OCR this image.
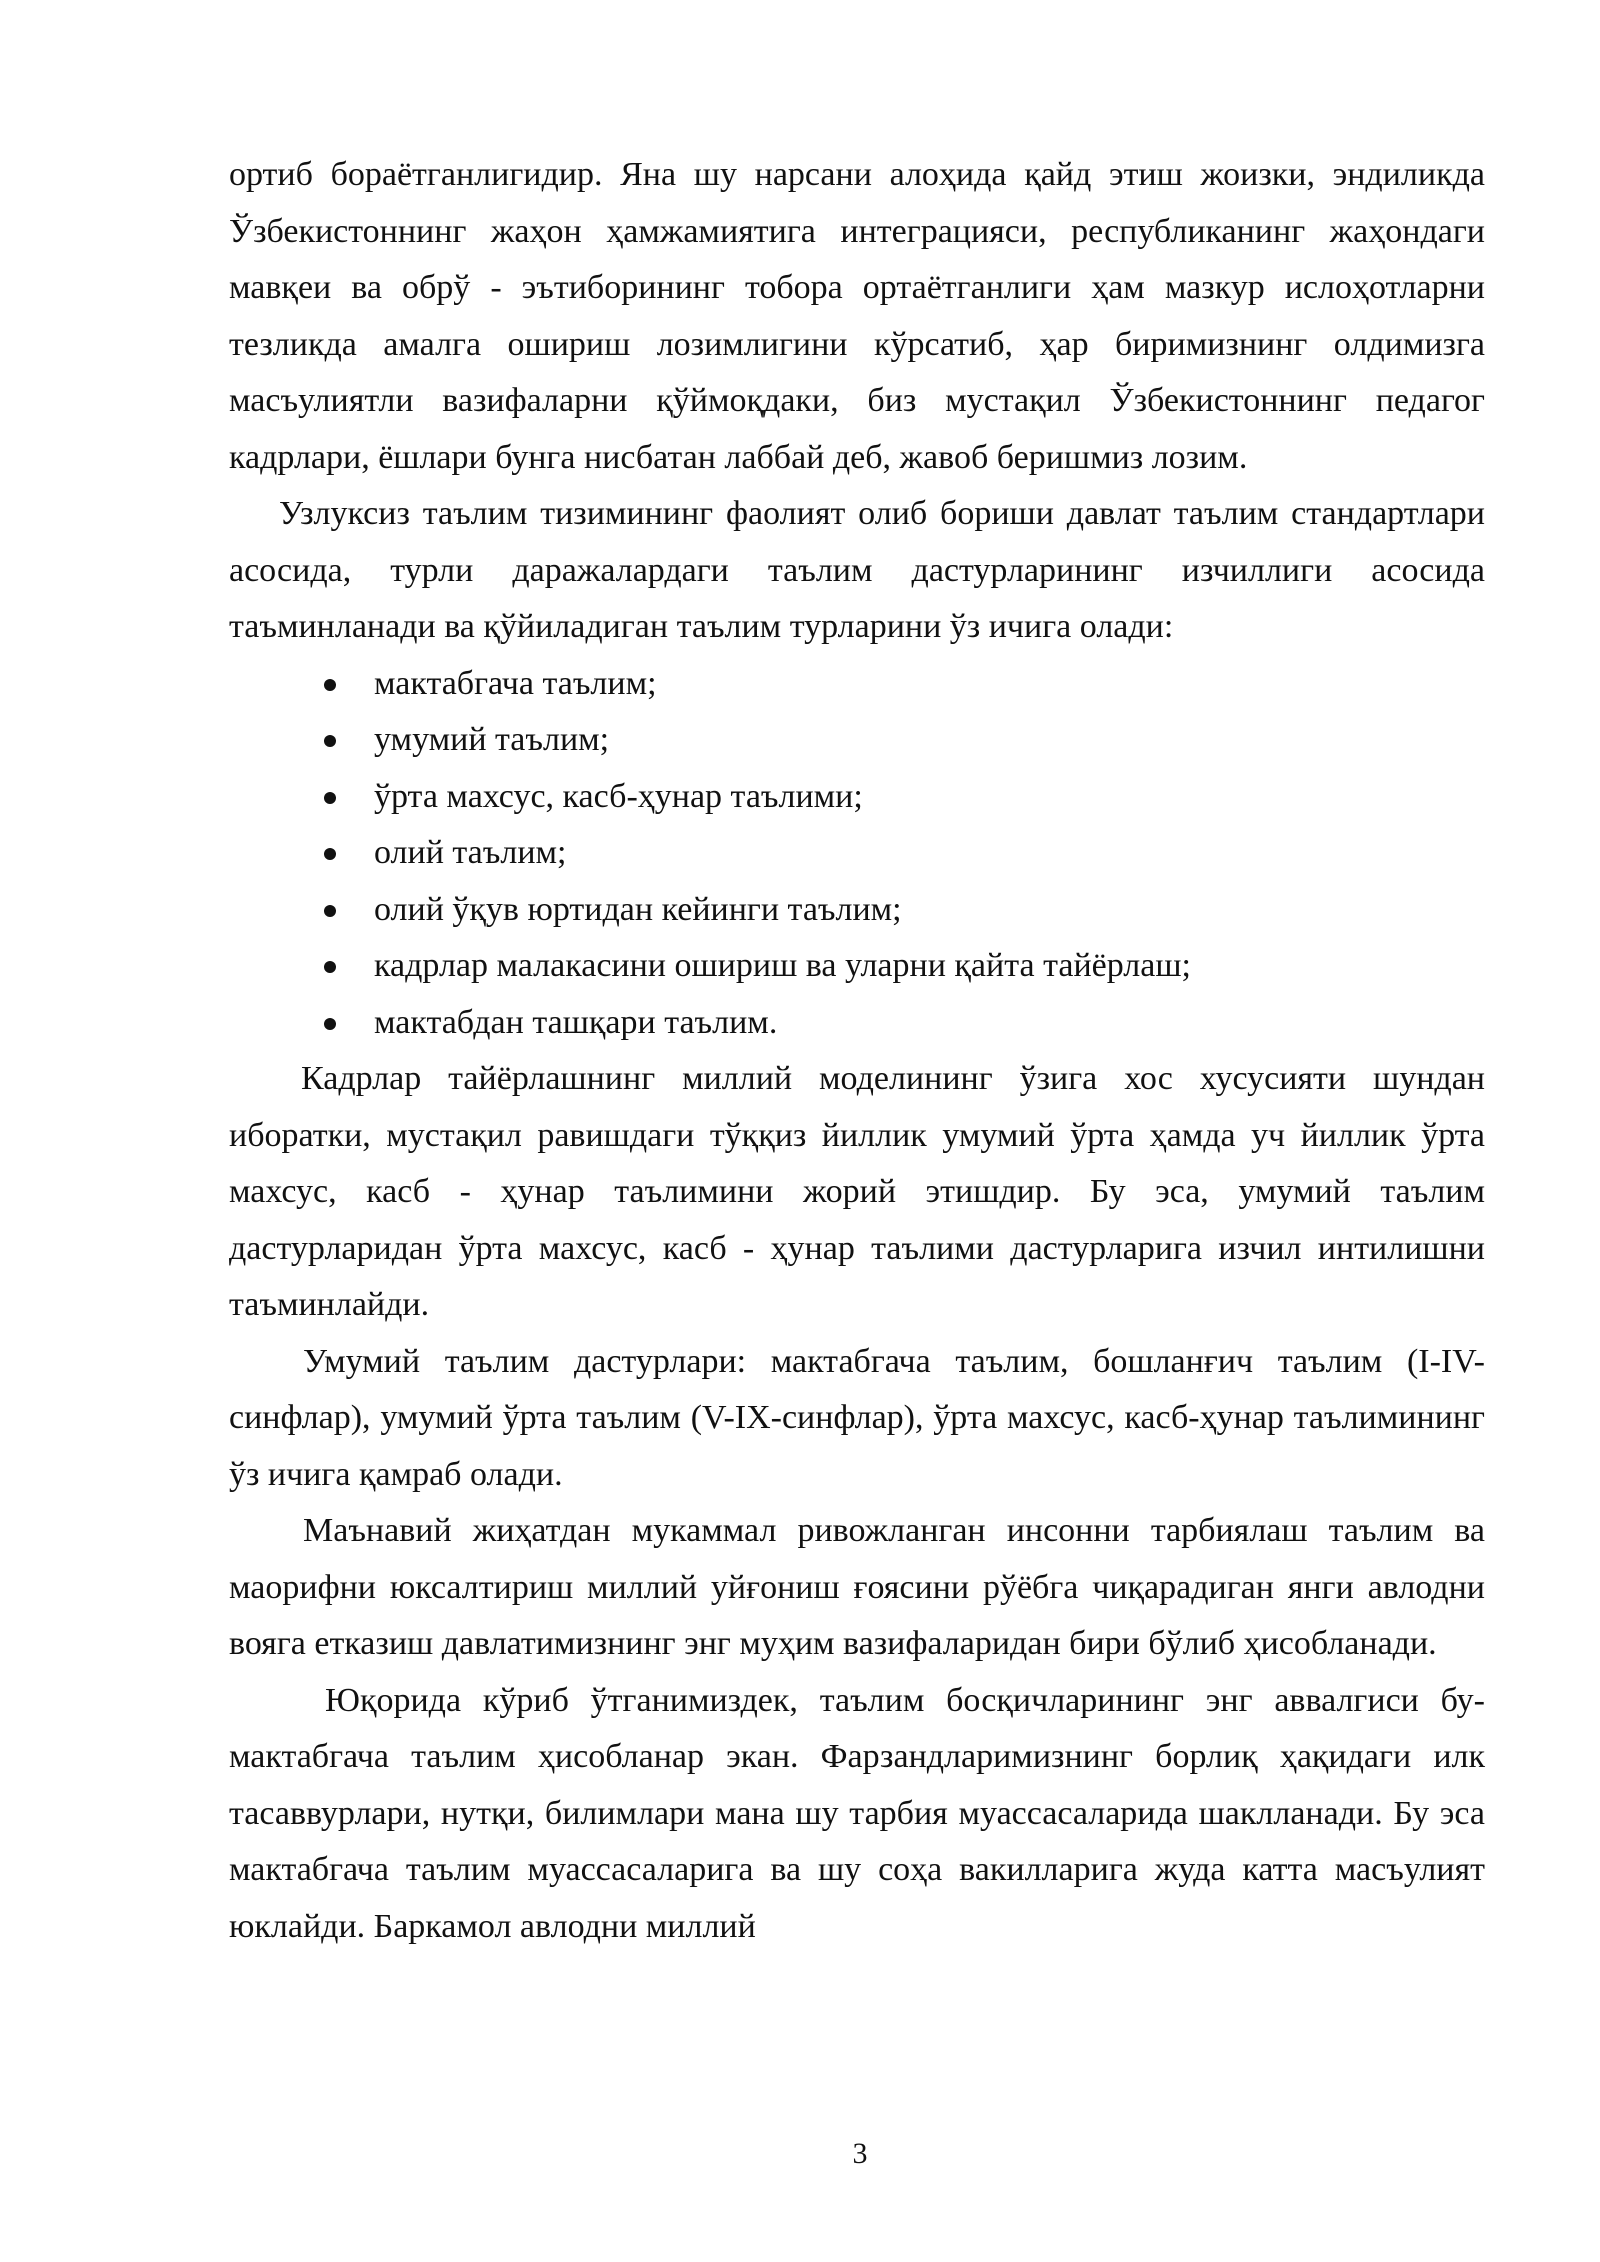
ортиб бораётганлигидир. Яна шу нарсани алоҳида қайд этиш жоизки, эндиликда Ўзбекистоннинг жаҳон ҳамжамиятига интеграцияси, республиканинг жаҳондаги мавқеи ва обрў - эътиборининг тобора ортаётганлиги ҳам мазкур ислоҳотларни тезликда амалга ошириш лозимлигини кўрсатиб, ҳар биримизнинг олдимизга масъулиятли вазифаларни қўймоқдаки, биз мустақил Ўзбекистоннинг педагог кадрлари, ёшлари бунга нисбатан лаббай деб, жавоб беришмиз лозим.

Узлуксиз таълим тизимининг фаолият олиб бориши давлат таълим стандартлари асосида, турли даражалардаги таълим дастурларининг изчиллиги асосида таъминланади ва қўйиладиган таълим турларини ўз ичига олади:

мактабгача таълим;
умумий таълим;
ўрта махсус, касб-ҳунар таълими;
олий таълим;
олий ўқув юртидан кейинги таълим;
кадрлар малакасини ошириш ва уларни қайта тайёрлаш;
мактабдан ташқари таълим.

Кадрлар тайёрлашнинг миллий моделининг ўзига хос хусусияти шундан иборатки, мустақил равишдаги тўққиз йиллик умумий ўрта ҳамда уч йиллик ўрта махсус, касб - ҳунар таълимини жорий этишдир. Бу эса, умумий таълим дастурларидан ўрта махсус, касб - ҳунар таълими дастурларига изчил интилишни таъминлайди.

Умумий таълим дастурлари: мактабгача таълим, бошланғич таълим (I-IV-синфлар), умумий ўрта таълим (V-IX-синфлар), ўрта махсус, касб-ҳунар таълимининг ўз ичига қамраб олади.

Маънавий жиҳатдан мукаммал ривожланган инсонни тарбиялаш таълим ва маорифни юксалтириш миллий уйғониш ғоясини рўёбга чиқарадиган янги авлодни вояга етказиш давлатимизнинг энг муҳим вазифаларидан бири бўлиб ҳисобланади.

Юқорида кўриб ўтганимиздек, таълим босқичларининг энг аввалгиси бу- мактабгача таълим ҳисобланар экан. Фарзандларимизнинг борлиқ ҳақидаги илк тасаввурлари, нутқи, билимлари мана шу тарбия муассасаларида шаклланади. Бу эса мактабгача таълим муассасаларига ва шу соҳа вакилларига жуда катта масъулият юклайди. Баркамол авлодни миллий

3
